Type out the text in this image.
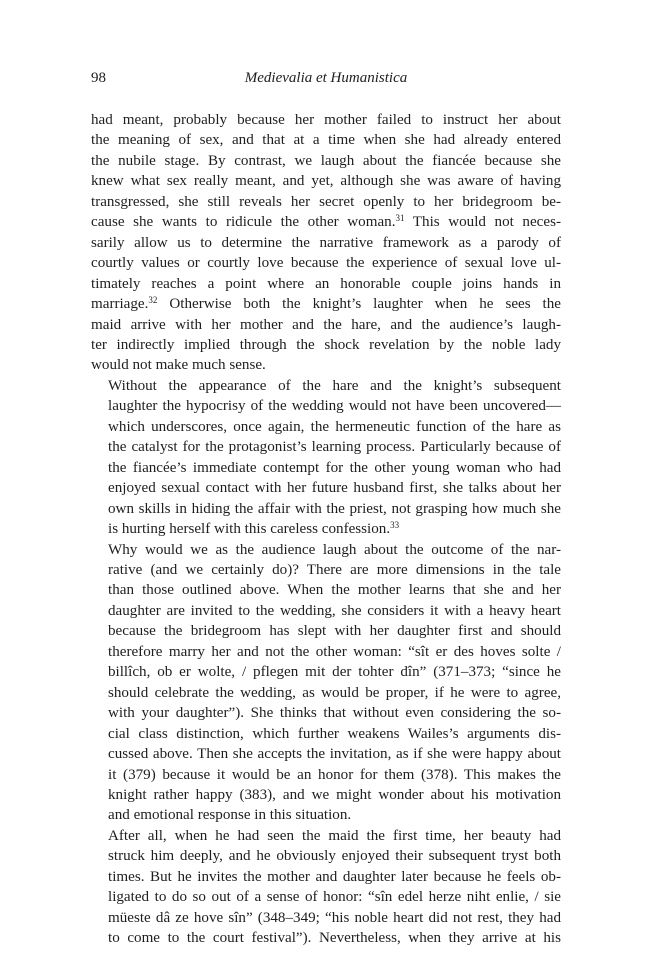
98	Medievalia et Humanistica

had meant, probably because her mother failed to instruct her about
the meaning of sex, and that at a time when she had already entered
the nubile stage. By contrast, we laugh about the fiancée because she
knew what sex really meant, and yet, although she was aware of having
transgressed, she still reveals her secret openly to her bridegroom be-
cause she wants to ridicule the other woman.$^{31}$ This would not neces-
sarily allow us to determine the narrative framework as a parody of
courtly values or courtly love because the experience of sexual love ul-
timately reaches a point where an honorable couple joins hands in
marriage.$^{32}$ Otherwise both the knight’s laughter when he sees the
maid arrive with her mother and the hare, and the audience’s laugh-
ter indirectly implied through the shock revelation by the noble lady
would not make much sense.

Without the appearance of the hare and the knight’s subsequent
laughter the hypocrisy of the wedding would not have been uncovered—
which underscores, once again, the hermeneutic function of the hare as
the catalyst for the protagonist’s learning process. Particularly because of
the fiancée’s immediate contempt for the other young woman who had
enjoyed sexual contact with her future husband first, she talks about her
own skills in hiding the affair with the priest, not grasping how much she
is hurting herself with this careless confession.$^{33}$

Why would we as the audience laugh about the outcome of the nar-
rative (and we certainly do)? There are more dimensions in the tale
than those outlined above. When the mother learns that she and her
daughter are invited to the wedding, she considers it with a heavy heart
because the bridegroom has slept with her daughter first and should
therefore marry her and not the other woman: “sît er des hoves solte /
billîch, ob er wolte, / pflegen mit der tohter dîn” (371–373; “since he
should celebrate the wedding, as would be proper, if he were to agree,
with your daughter”). She thinks that without even considering the so-
cial class distinction, which further weakens Wailes’s arguments dis-
cussed above. Then she accepts the invitation, as if she were happy about
it (379) because it would be an honor for them (378). This makes the
knight rather happy (383), and we might wonder about his motivation
and emotional response in this situation.

After all, when he had seen the maid the first time, her beauty had
struck him deeply, and he obviously enjoyed their subsequent tryst both
times. But he invites the mother and daughter later because he feels ob-
ligated to do so out of a sense of honor: “sîn edel herze niht enlie, / sie
müeste dâ ze hove sîn” (348–349; “his noble heart did not rest, they had
to come to the court festival”). Nevertheless, when they arrive at his
